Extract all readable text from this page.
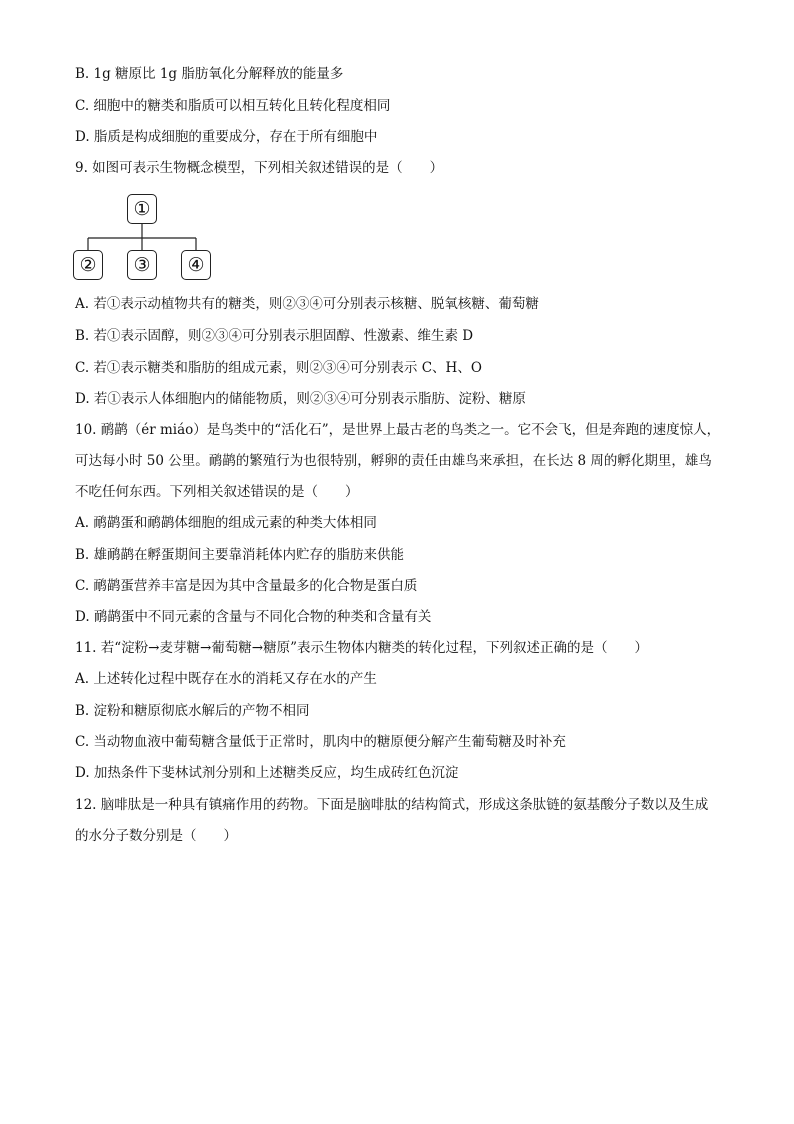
B. 1g 糖原比 1g 脂肪氧化分解释放的能量多
C. 细胞中的糖类和脂质可以相互转化且转化程度相同
D. 脂质是构成细胞的重要成分，存在于所有细胞中
9. 如图可表示生物概念模型，下列相关叙述错误的是（　　）
①
②	③	④
A. 若①表示动植物共有的糖类，则②③④可分别表示核糖、脱氧核糖、葡萄糖
B. 若①表示固醇，则②③④可分别表示胆固醇、性激素、维生素 D
C. 若①表示糖类和脂肪的组成元素，则②③④可分别表示 C、H、O
D. 若①表示人体细胞内的储能物质，则②③④可分别表示脂肪、淀粉、糖原
10. 鸸鹋（ér miáo）是鸟类中的“活化石”，是世界上最古老的鸟类之一。它不会飞，但是奔跑的速度惊人，
可达每小时 50 公里。鸸鹋的繁殖行为也很特别，孵卵的责任由雄鸟来承担，在长达 8 周的孵化期里，雄鸟
不吃任何东西。下列相关叙述错误的是（　　）
A. 鸸鹋蛋和鸸鹋体细胞的组成元素的种类大体相同
B. 雄鸸鹋在孵蛋期间主要靠消耗体内贮存的脂肪来供能
C. 鸸鹋蛋营养丰富是因为其中含量最多的化合物是蛋白质
D. 鸸鹋蛋中不同元素的含量与不同化合物的种类和含量有关
11. 若“淀粉→麦芽糖→葡萄糖→糖原”表示生物体内糖类的转化过程，下列叙述正确的是（　　）
A. 上述转化过程中既存在水的消耗又存在水的产生
B. 淀粉和糖原彻底水解后的产物不相同
C. 当动物血液中葡萄糖含量低于正常时，肌肉中的糖原便分解产生葡萄糖及时补充
D. 加热条件下斐林试剂分别和上述糖类反应，均生成砖红色沉淀
12. 脑啡肽是一种具有镇痛作用的药物。下面是脑啡肽的结构简式，形成这条肽链的氨基酸分子数以及生成
的水分子数分别是（　　）
